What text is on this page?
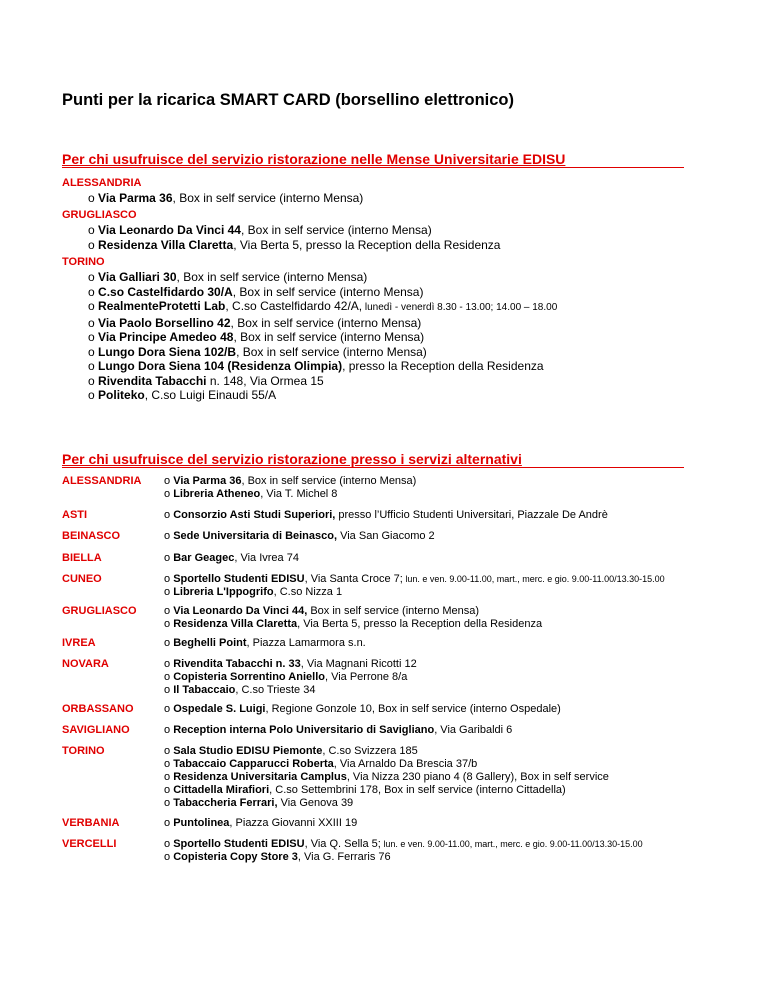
Punti per la ricarica SMART CARD (borsellino elettronico)
Per chi usufruisce del servizio ristorazione nelle Mense Universitarie EDISU
ALESSANDRIA
o Via Parma 36, Box in self service (interno Mensa)
GRUGLIASCO
o Via Leonardo Da Vinci 44, Box in self service (interno Mensa)
o Residenza Villa Claretta, Via Berta 5, presso la Reception della Residenza
TORINO
o Via Galliari 30, Box in self service (interno Mensa)
o C.so Castelfidardo 30/A, Box in self service (interno Mensa)
o RealmenteProtetti Lab, C.so Castelfidardo 42/A, lunedì - venerdì 8.30 - 13.00; 14.00 – 18.00
o Via Paolo Borsellino 42, Box in self service (interno Mensa)
o Via Principe Amedeo 48, Box in self service (interno Mensa)
o Lungo Dora Siena 102/B, Box in self service (interno Mensa)
o Lungo Dora Siena 104 (Residenza Olimpia), presso la Reception della Residenza
o Rivendita Tabacchi n. 148, Via Ormea 15
o Politeko, C.so Luigi Einaudi 55/A
Per chi usufruisce del servizio ristorazione presso i servizi alternativi
ALESSANDRIA o Via Parma 36, Box in self service (interno Mensa)
o Libreria Atheneo, Via T. Michel 8
ASTI	o Consorzio Asti Studi Superiori, presso l’Ufficio Studenti Universitari, Piazzale De Andrè
BEINASCO	o Sede Universitaria di Beinasco, Via San Giacomo 2
BIELLA	o Bar Geagec, Via Ivrea 74
CUNEO	o Sportello Studenti EDISU, Via Santa Croce 7; lun. e ven. 9.00-11.00, mart., merc. e gio. 9.00-11.00/13.30-15.00
o Libreria L'Ippogrifo, C.so Nizza 1
GRUGLIASCO o Via Leonardo Da Vinci 44, Box in self service (interno Mensa)
o Residenza Villa Claretta, Via Berta 5, presso la Reception della Residenza
IVREA	o Beghelli Point, Piazza Lamarmora s.n.
NOVARA	o Rivendita Tabacchi n. 33, Via Magnani Ricotti 12
o Copisteria Sorrentino Aniello, Via Perrone 8/a
o Il Tabaccaio, C.so Trieste 34
ORBASSANO	o Ospedale S. Luigi, Regione Gonzole 10, Box in self service (interno Ospedale)
SAVIGLIANO	o Reception interna Polo Universitario di Savigliano, Via Garibaldi 6
TORINO	o Sala Studio EDISU Piemonte, C.so Svizzera 185
o Tabaccaio Capparucci Roberta, Via Arnaldo Da Brescia 37/b
o Residenza Universitaria Camplus, Via Nizza 230 piano 4 (8 Gallery), Box in self service
o Cittadella Mirafiori, C.so Settembrini 178, Box in self service (interno Cittadella)
o Tabaccheria Ferrari, Via Genova 39
VERBANIA	o Puntolinea, Piazza Giovanni XXIII 19
VERCELLI	o Sportello Studenti EDISU, Via Q. Sella 5; lun. e ven. 9.00-11.00, mart., merc. e gio. 9.00-11.00/13.30-15.00
o Copisteria Copy Store 3, Via G. Ferraris 76
